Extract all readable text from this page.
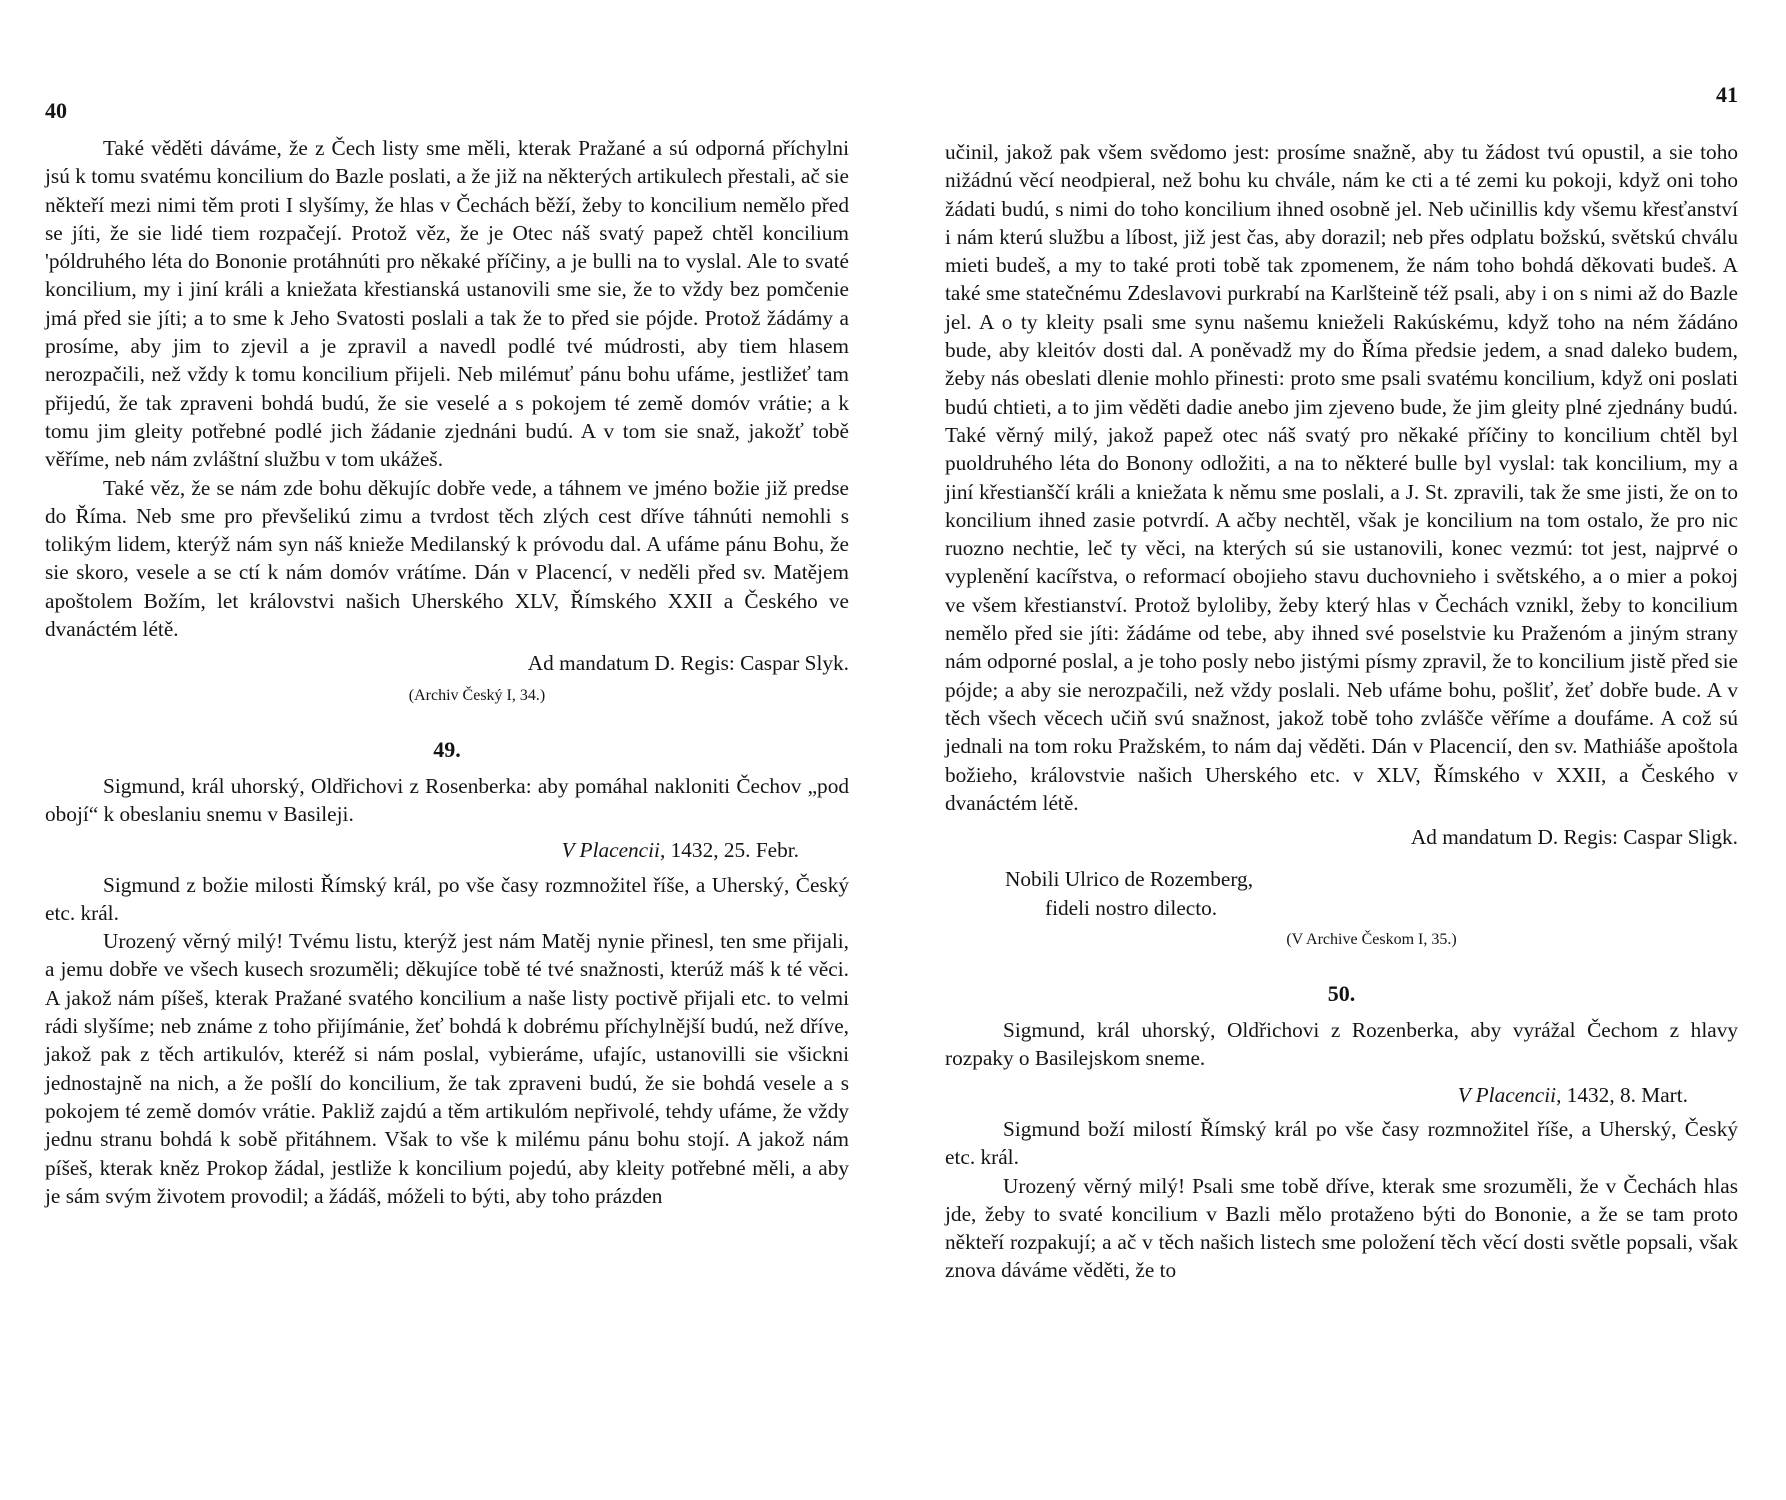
40

Také věděti dáváme, že z Čech listy sme měli, kterak Pražané a sú odporná příchylni jsú k tomu svatému koncilium do Bazle poslati, a že již na některých artikulech přestali, ač sie někteří mezi nimi těm proti I slyšímy, že hlas v Čechách běží, žeby to koncilium nemělo před se jíti, že sie lidé tiem rozpačejí. Protož věz, že je Otec náš svatý papež chtěl koncilium 'póldruhého léta do Bononie protáhnúti pro někaké příčiny, a je bulli na to vyslal. Ale to svaté koncilium, my i jiní králi a kniežata křestianská ustanovili sme sie, že to vždy bez pomčenie jmá před sie jíti; a to sme k Jeho Svatosti poslali a tak že to před sie pójde. Protož žádámy a prosíme, aby jim to zjevil a je zpravil a navedl podlé tvé múdrosti, aby tiem hlasem nerozpačili, než vždy k tomu koncilium přijeli. Neb milémuť pánu bohu ufáme, jestližeť tam přijedú, že tak zpraveni bohdá budú, že sie veselé a s pokojem té země domóv vrátie; a k tomu jim gleity potřebné podlé jich žádanie zjednáni budú. A v tom sie snaž, jakožť tobě věříme, neb nám zvláštní službu v tom ukážeš.

Také věz, že se nám zde bohu děkujíc dobře vede, a táhnem ve jméno božie již predse do Říma. Neb sme pro převšelikú zimu a tvrdost těch zlých cest dříve táhnúti nemohli s tolikým lidem, kterýž nám syn náš knieže Medilanský k próvodu dal. A ufáme pánu Bohu, že sie skoro, vesele a se ctí k nám domóv vrátíme. Dán v Placencí, v neděli před sv. Matějem apoštolem Božím, let královstvi našich Uherského XLV, Římského XXII a Českého ve dvanáctém létě.

Ad mandatum D. Regis: Caspar Slyk.
(Archiv Český I, 34.)
49.

Sigmund, král uhorský, Oldřichovi z Rosenberka: aby pomáhal nakloniti Čechov „pod obojí“ k obeslaniu snemu v Basileji.

V Placencii, 1432, 25. Febr.

Sigmund z božie milosti Římský král, po vše časy rozmnožitel říše, a Uherský, Český etc. král.

Urozený věrný milý! Tvému listu, kterýž jest nám Matěj nynie přinesl, ten sme přijali, a jemu dobře ve všech kusech srozuměli; děkujíce tobě té tvé snažnosti, kterúž máš k té věci. A jakož nám píšeš, kterak Pražané svatého koncilium a naše listy poctivě přijali etc. to velmi rádi slyšíme; neb známe z toho přijímánie, žeť bohdá k dobrému příchylnější budú, než dříve, jakož pak z těch artikulóv, kteréž si nám poslal, vybieráme, ufajíc, ustanovilli sie všickni jednostajně na nich, a že pošlí do koncilium, že tak zpraveni budú, že sie bohdá vesele a s pokojem té země domóv vrátie. Pakliž zajdú a těm artikulóm nepřivolé, tehdy ufáme, že vždy jednu stranu bohdá k sobě přitáhnem. Však to vše k milému pánu bohu stojí. A jakož nám píšeš, kterak kněz Prokop žádal, jestliže k koncilium pojedú, aby kleity potřebné měli, a aby je sám svým životem provodil; a žádáš, móželi to býti, aby toho prázden

41

učinil, jakož pak všem svědomo jest: prosíme snažně, aby tu žádost tvú opustil, a sie toho nižádnú věcí neodpieral, než bohu ku chvále, nám ke cti a té zemi ku pokoji, když oni toho žádati budú, s nimi do toho koncilium ihned osobně jel. Neb učinillis kdy všemu křesťanství i nám kterú službu a líbost, již jest čas, aby dorazil; neb přes odplatu božskú, světskú chválu mieti budeš, a my to také proti tobě tak zpomenem, že nám toho bohdá děkovati budeš. A také sme statečnému Zdeslavovi purkrabí na Karlšteině též psali, aby i on s nimi až do Bazle jel. A o ty kleity psali sme synu našemu knieželi Rakúskému, když toho na ném žádáno bude, aby kleitóv dosti dal. A poněvadž my do Říma předsie jedem, a snad daleko budem, žeby nás obeslati dlenie mohlo přinesti: proto sme psali svatému koncilium, když oni poslati budú chtieti, a to jim věděti dadie anebo jim zjeveno bude, že jim gleity plné zjednány budú. Také věrný milý, jakož papež otec náš svatý pro někaké příčiny to koncilium chtěl byl puoldruhého léta do Bonony odložiti, a na to některé bulle byl vyslal: tak koncilium, my a jiní křestianščí králi a kniežata k němu sme poslali, a J. St. zpravili, tak že sme jisti, že on to koncilium ihned zasie potvrdí. A ačby nechtěl, však je koncilium na tom ostalo, že pro nic ruozno nechtie, leč ty věci, na kterých sú sie ustanovili, konec vezmú: tot jest, najprvé o vyplenění kacířstva, o reformací obojieho stavu duchovnieho i světského, a o mier a pokoj ve všem křestianství. Protož byloliby, žeby který hlas v Čechách vznikl, žeby to koncilium nemělo před sie jíti: žádáme od tebe, aby ihned své poselstvie ku Praženóm a jiným strany nám odporné poslal, a je toho posly nebo jistými písmy zpravil, že to koncilium jistě před sie pójde; a aby sie nerozpačili, než vždy poslali. Neb ufáme bohu, pošliť, žeť dobře bude. A v těch všech věcech učiň svú snažnost, jakož tobě toho zvlášče věříme a doufáme. A což sú jednali na tom roku Pražském, to nám daj věděti. Dán v Placencií, den sv. Mathiáše apoštola božieho, královstvie našich Uherského etc. v XLV, Římského v XXII, a Českého v dvanáctém létě.

Ad mandatum D. Regis: Caspar Sligk.
Nobili Ulrico de Rozemberg,
fideli nostro dilecto.
(V Archive Českom I, 35.)
50.

Sigmund, král uhorský, Oldřichovi z Rozenberka, aby vyrážal Čechom z hlavy rozpaky o Basilejskom sneme.

V Placencii, 1432, 8. Mart.

Sigmund boží milostí Římský král po vše časy rozmnožitel říše, a Uherský, Český etc. král.

Urozený věrný milý! Psali sme tobě dříve, kterak sme srozuměli, že v Čechách hlas jde, žeby to svaté koncilium v Bazli mělo protaženo býti do Bononie, a že se tam proto někteří rozpakují; a ač v těch našich listech sme položení těch věcí dosti světle popsali, však znova dáváme věděti, že to
